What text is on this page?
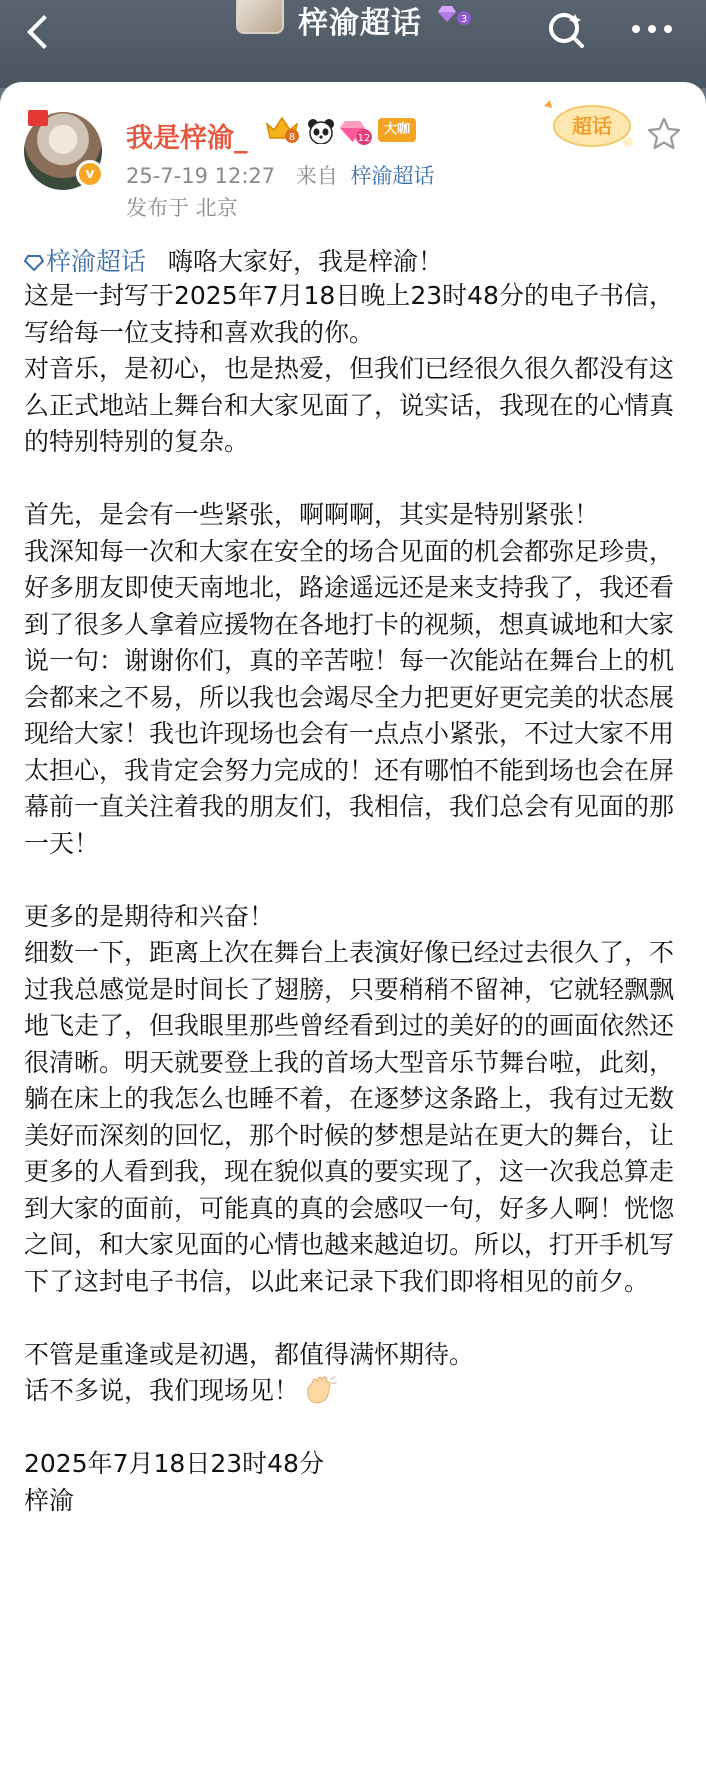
梓渝超话	3
v
我是梓渝_	8	12
大咖
25-7-19 12:27 来自 梓渝超话
发布于 北京
超话
梓渝超话 嗨咯大家好，我是梓渝！
这是一封写于2025年7月18日晚上23时48分的电子书信，写给每一位支持和喜欢我的你。
对音乐，是初心，也是热爱，但我们已经很久很久都没有这么正式地站上舞台和大家见面了，说实话，我现在的心情真的特别特别的复杂。
首先，是会有一些紧张，啊啊啊，其实是特别紧张！
我深知每一次和大家在安全的场合见面的机会都弥足珍贵，好多朋友即使天南地北，路途遥远还是来支持我了，我还看到了很多人拿着应援物在各地打卡的视频，想真诚地和大家说一句：谢谢你们，真的辛苦啦！每一次能站在舞台上的机会都来之不易，所以我也会竭尽全力把更好更完美的状态展现给大家！我也许现场也会有一点点小紧张，不过大家不用太担心，我肯定会努力完成的！还有哪怕不能到场也会在屏幕前一直关注着我的朋友们，我相信，我们总会有见面的那一天！
更多的是期待和兴奋！
细数一下，距离上次在舞台上表演好像已经过去很久了，不过我总感觉是时间长了翅膀，只要稍稍不留神，它就轻飘飘地飞走了，但我眼里那些曾经看到过的美好的的画面依然还很清晰。明天就要登上我的首场大型音乐节舞台啦，此刻，躺在床上的我怎么也睡不着，在逐梦这条路上，我有过无数美好而深刻的回忆，那个时候的梦想是站在更大的舞台，让更多的人看到我，现在貌似真的要实现了，这一次我总算走到大家的面前，可能真的真的会感叹一句，好多人啊！恍惚之间，和大家见面的心情也越来越迫切。所以，打开手机写下了这封电子书信，以此来记录下我们即将相见的前夕。
不管是重逢或是初遇，都值得满怀期待。
话不多说，我们现场见！
2025年7月18日23时48分
梓渝
